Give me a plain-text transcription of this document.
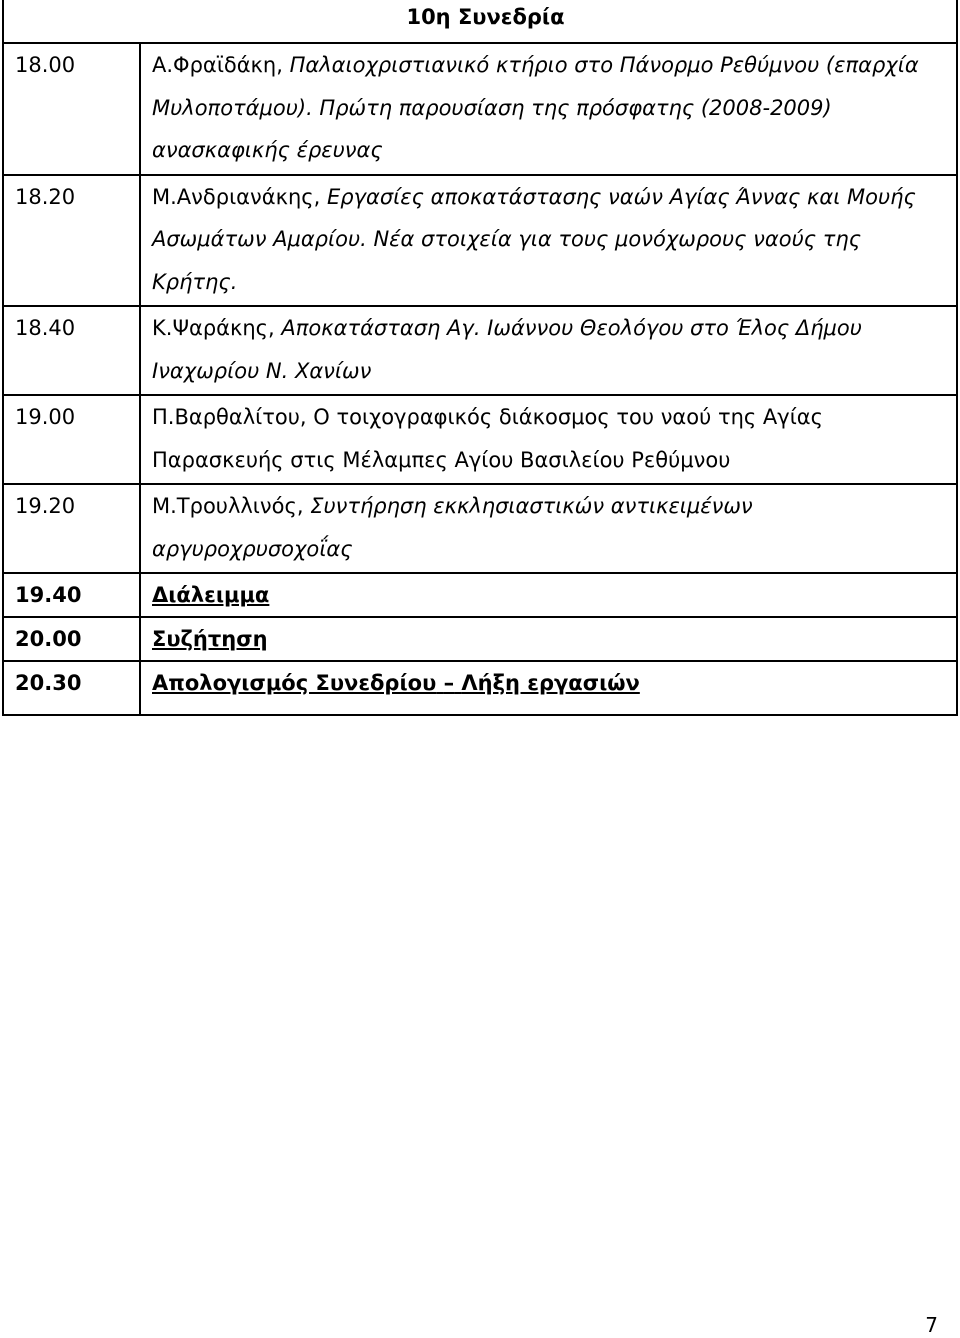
10η Συνεδρία	
18.00	Α.Φραϊδάκη, Παλαιοχριστιανικό κτήριο στο Πάνορμο Ρεθύμνου (επαρχία Μυλοποτάμου). Πρώτη παρουσίαση της πρόσφατης (2008-2009) ανασκαφικής έρευνας
18.20	Μ.Ανδριανάκης, Εργασίες αποκατάστασης ναών Αγίας Άννας και Μουής Ασωμάτων Αμαρίου. Νέα στοιχεία για τους μονόχωρους ναούς της Κρήτης.
18.40	Κ.Ψαράκης, Αποκατάσταση Αγ. Ιωάννου Θεολόγου στο Έλος Δήμου Ιναχωρίου Ν. Χανίων
19.00	Π.Βαρθαλίτου, Ο τοιχογραφικός διάκοσμος του ναού της Αγίας Παρασκευής στις Μέλαμπες Αγίου Βασιλείου Ρεθύμνου
19.20	Μ.Τρουλλινός, Συντήρηση εκκλησιαστικών αντικειμένων αργυροχρυσοχοΐας
19.40	Διάλειμμα
20.00	Συζήτηση
20.30	Απολογισμός Συνεδρίου – Λήξη εργασιών
7
